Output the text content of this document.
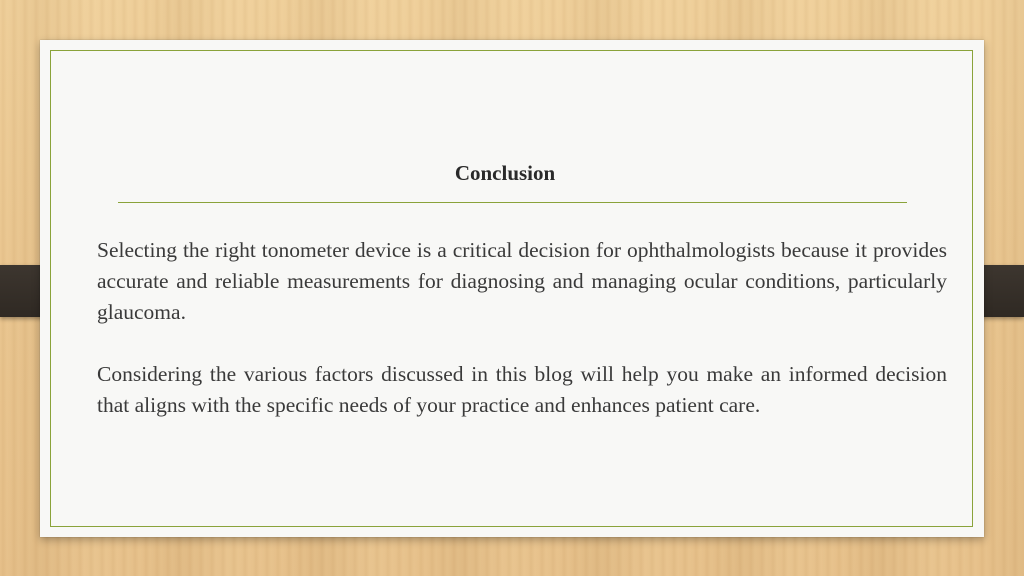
Conclusion

Selecting the right tonometer device is a critical decision for ophthalmologists because it provides accurate and reliable measurements for diagnosing and managing ocular conditions, particularly glaucoma.

Considering the various factors discussed in this blog will help you make an informed decision that aligns with the specific needs of your practice and enhances patient care.
